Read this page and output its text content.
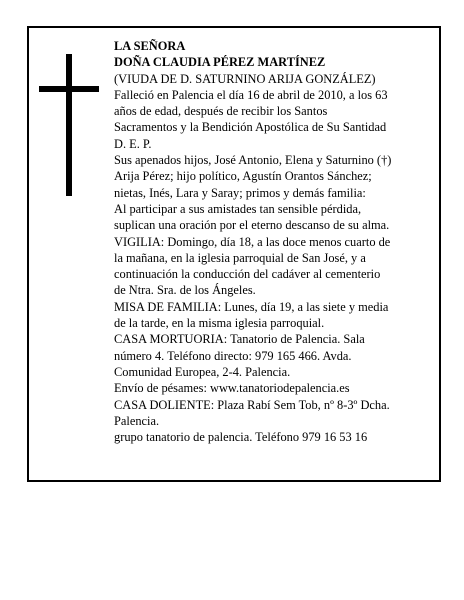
LA SEÑORA
DOÑA CLAUDIA PÉREZ MARTÍNEZ
(VIUDA DE D. SATURNINO ARIJA GONZÁLEZ)
Falleció en Palencia el día 16 de abril de 2010, a los 63
años de edad, después de recibir los Santos
Sacramentos y la Bendición Apostólica de Su Santidad
D. E. P.
Sus apenados hijos, José Antonio, Elena y Saturnino (†)
Arija Pérez; hijo político, Agustín Orantos Sánchez;
nietas, Inés, Lara y Saray; primos y demás familia:
Al participar a sus amistades tan sensible pérdida,
suplican una oración por el eterno descanso de su alma.
VIGILIA: Domingo, día 18, a las doce menos cuarto de
la mañana, en la iglesia parroquial de San José, y a
continuación la conducción del cadáver al cementerio
de Ntra. Sra. de los Ángeles.
MISA DE FAMILIA: Lunes, día 19, a las siete y media
de la tarde, en la misma iglesia parroquial.
CASA MORTUORIA: Tanatorio de Palencia. Sala
número 4. Teléfono directo: 979 165 466. Avda.
Comunidad Europea, 2-4. Palencia.
Envío de pésames: www.tanatoriodepalencia.es
CASA DOLIENTE: Plaza Rabí Sem Tob, nº 8-3º Dcha.
Palencia.
grupo tanatorio de palencia. Teléfono 979 16 53 16
